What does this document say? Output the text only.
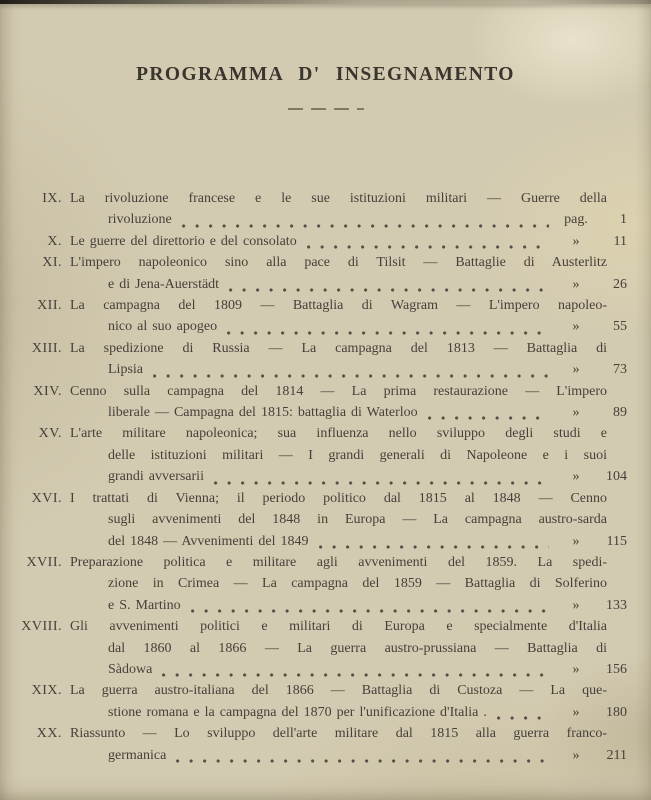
PROGRAMMA D' INSEGNAMENTO
IX. La rivoluzione francese e le sue istituzioni militari — Guerre della
rivoluzione	pag.	1
X. Le guerre del direttorio e del consolato	»	11
XI. L'impero napoleonico sino alla pace di Tilsit — Battaglie di Austerlitz
e di Jena-Auerstädt	»	26
XII. La campagna del 1809 — Battaglia di Wagram — L'impero napoleo-
nico al suo apogeo	»	55
XIII. La spedizione di Russia — La campagna del 1813 — Battaglia di
Lipsia	»	73
XIV. Cenno sulla campagna del 1814 — La prima restaurazione — L'impero
liberale — Campagna del 1815: battaglia di Waterloo	»	89
XV. L'arte militare napoleonica; sua influenza nello sviluppo degli studi e
delle istituzioni militari — I grandi generali di Napoleone e i suoi
grandi avversarii	»	104
XVI. I trattati di Vienna; il periodo politico dal 1815 al 1848 — Cenno
sugli avvenimenti del 1848 in Europa — La campagna austro-sarda
del 1848 — Avvenimenti del 1849	»	115
XVII. Preparazione politica e militare agli avvenimenti del 1859. La spedi-
zione in Crimea — La campagna del 1859 — Battaglia di Solferino
e S. Martino	»	133
XVIII. Gli avvenimenti politici e militari di Europa e specialmente d'Italia
dal 1860 al 1866 — La guerra austro-prussiana — Battaglia di
Sàdowa	»	156
XIX. La guerra austro-italiana del 1866 — Battaglia di Custoza — La que-
stione romana e la campagna del 1870 per l'unificazione d'Italia .	»	180
XX. Riassunto — Lo sviluppo dell'arte militare dal 1815 alla guerra franco-
germanica	»	211
